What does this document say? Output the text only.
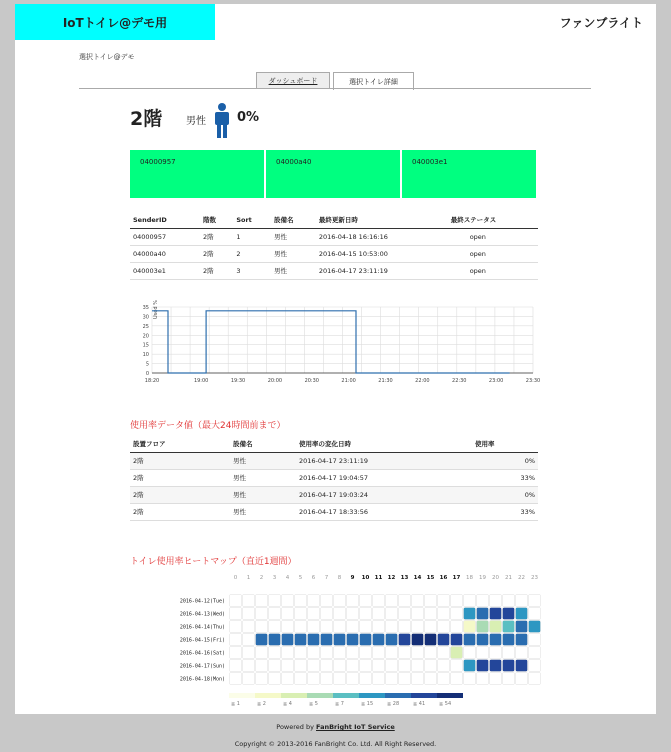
IoTトイレ@デモ用	ファンブライト
選択トイレ@デモ
ダッシュボード	選択トイレ詳細
2階 男性 0%
04000957	04000a40	040003e1
SenderID	階数	Sort	設備名	最終更新日時	最終ステータス
04000957	2階	1	男性	2016-04-18 16:16:16	open
04000a40	2階	2	男性	2016-04-15 10:53:00	open
040003e1	2階	3	男性	2016-04-17 23:11:19	open
0
5
10
15
20
25
30
35
18:20	19:00	19:30	20:00	20:30	21:00	21:30	22:00	22:30	23:00	23:30
Used %
使用率データ値（最大24時間前まで）
設置フロア	設備名	使用率の変化日時	使用率
2階	男性	2016-04-17 23:11:19	0%
2階	男性	2016-04-17 19:04:57	33%
2階	男性	2016-04-17 19:03:24	0%
2階	男性	2016-04-17 18:33:56	33%
トイレ使用率ヒートマップ（直近1週間）
0 1 2 3 4 5 6 7 8 9 10 11 12 13 14 15 16 17 18 19 20 21 22 23
2016-04-12(Tue)
2016-04-13(Wed)
2016-04-14(Thu)
2016-04-15(Fri)
2016-04-16(Sat)
2016-04-17(Sun)
2016-04-18(Mon)
≧ 1	≧ 2	≧ 4	≧ 5	≧ 7	≧ 15	≧ 28	≧ 41	≧ 54
Powered by FanBright IoT Service
Copyright © 2013-2016 FanBright Co. Ltd. All Right Reserved.
